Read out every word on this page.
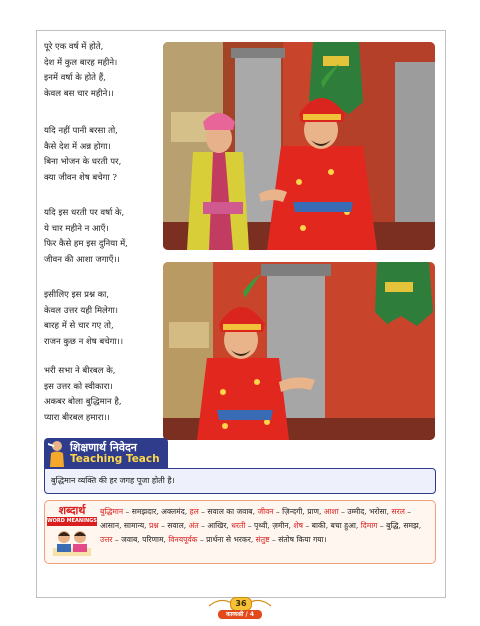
पूरे एक वर्ष में होते,
देश में कुल बारह महीने।
इनमें वर्षा के होते हैं,
केवल बस चार महीने।।
यदि नहीं पानी बरसा तो,
कैसे देश में अन्न होगा।
बिना भोजन के धरती पर,
क्या जीवन शेष बचेगा ?
यदि इस धरती पर वर्षा के,
ये चार महीने न आएँ।
फिर कैसे हम इस दुनिया में,
जीवन की आशा जगाएँ।।
इसीलिए इस प्रश्न का,
केवल उत्तर यही मिलेगा।
बारह में से चार गए तो,
राजन कुछ न शेष बचेगा।।
भरी सभा ने बीरबल के,
इस उत्तर को स्वीकारा।
अकबर बोला बुद्धिमान है,
प्यारा बीरबल हमारा।।
शिक्षणार्थ निवेदन
Teaching Teach
बुद्धिमान व्यक्ति की हर जगह पूजा होती है।
शब्दार्थ
WORD MEANINGS
बुद्धिमान – समझदार, अक्लमंद, हल – सवाल का जवाब, जीवन – ज़िन्दगी, प्राण, आशा – उम्मीद, भरोसा, सरल – आसान, सामान्य, प्रश्न – सवाल, अंत – आखिर, धरती – पृथ्वी, ज़मीन, शेष – बाकी, बचा हुआ, दिमाग – बुद्धि, समझ, उत्तर – जवाब, परिणाम, विनयपूर्वक – प्रार्थना से भरकर, संतुष्ट – संतोष किया गया।
36
काव्यश्री / 4
